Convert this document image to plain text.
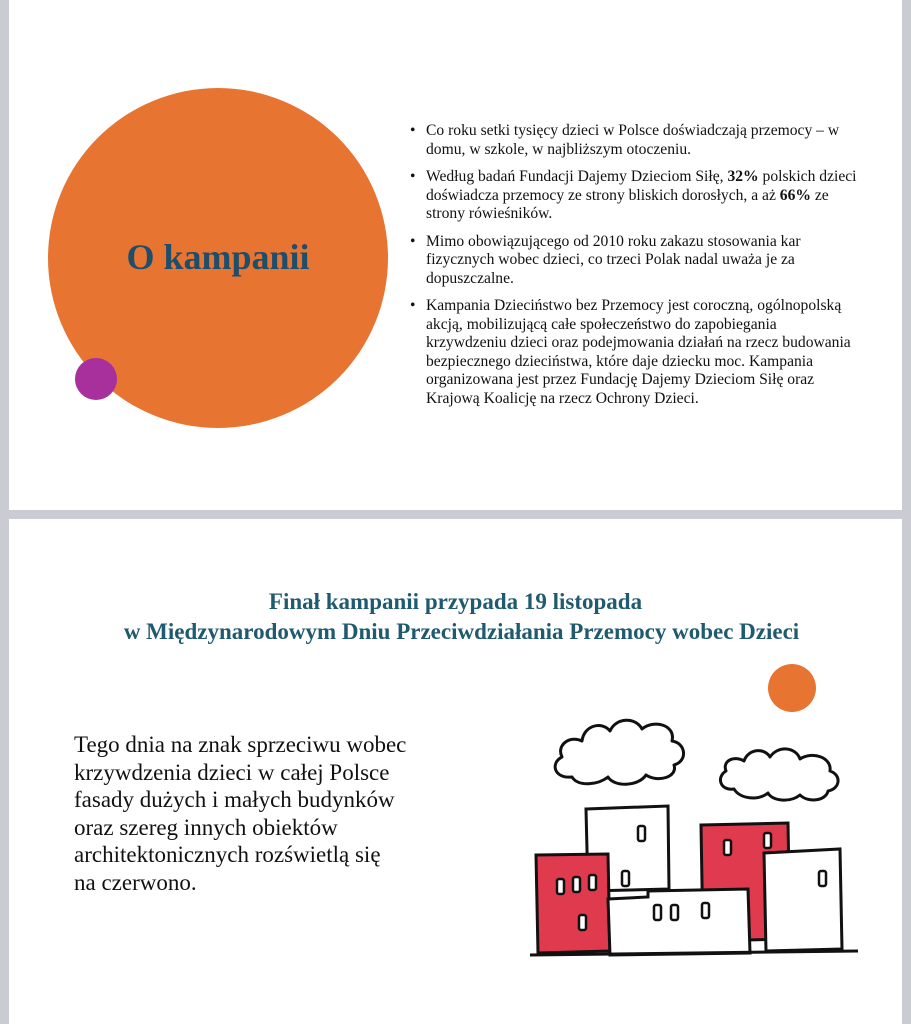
O kampanii
• Co roku setki tysięcy dzieci w Polsce doświadczają przemocy – w domu, w szkole, w najbliższym otoczeniu.
• Według badań Fundacji Dajemy Dzieciom Siłę, 32% polskich dzieci doświadcza przemocy ze strony bliskich dorosłych, a aż 66% ze strony rówieśników.
• Mimo obowiązującego od 2010 roku zakazu stosowania kar fizycznych wobec dzieci, co trzeci Polak nadal uważa je za dopuszczalne.
• Kampania Dzieciństwo bez Przemocy jest coroczną, ogólnopolską akcją, mobilizującą całe społeczeństwo do zapobiegania krzywdzeniu dzieci oraz podejmowania działań na rzecz budowania bezpiecznego dzieciństwa, które daje dziecku moc. Kampania organizowana jest przez Fundację Dajemy Dzieciom Siłę oraz Krajową Koalicję na rzecz Ochrony Dzieci.
Finał kampanii przypada 19 listopada
w Międzynarodowym Dniu Przeciwdziałania Przemocy wobec Dzieci
Tego dnia na znak sprzeciwu wobec
krzywdzenia dzieci w całej Polsce
fasady dużych i małych budynków
oraz szereg innych obiektów
architektonicznych rozświetlą się
na czerwono.
